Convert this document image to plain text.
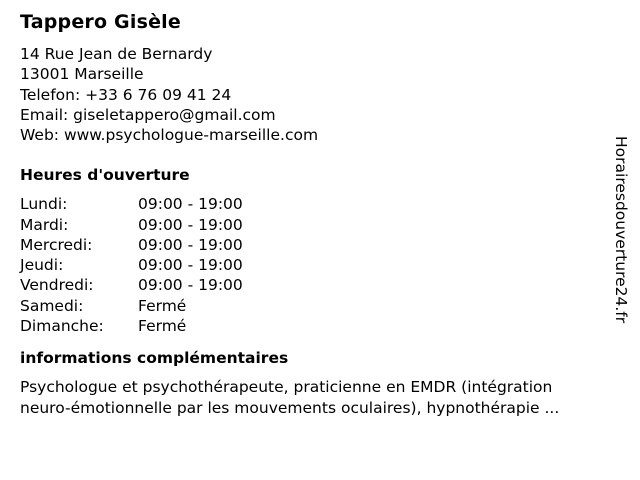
Tappero Gisèle
14 Rue Jean de Bernardy
13001 Marseille
Telefon: +33 6 76 09 41 24
Email: giseletappero@gmail.com
Web: www.psychologue-marseille.com
Heures d'ouverture
Lundi:	09:00 - 19:00
Mardi:	09:00 - 19:00
Mercredi:	09:00 - 19:00
Jeudi:	09:00 - 19:00
Vendredi:	09:00 - 19:00
Samedi:	Fermé
Dimanche:	Fermé
informations complémentaires
Psychologue et psychothérapeute, praticienne en EMDR (intégration
neuro-émotionnelle par les mouvements oculaires), hypnothérapie ...
Horairesdouverture24.fr
